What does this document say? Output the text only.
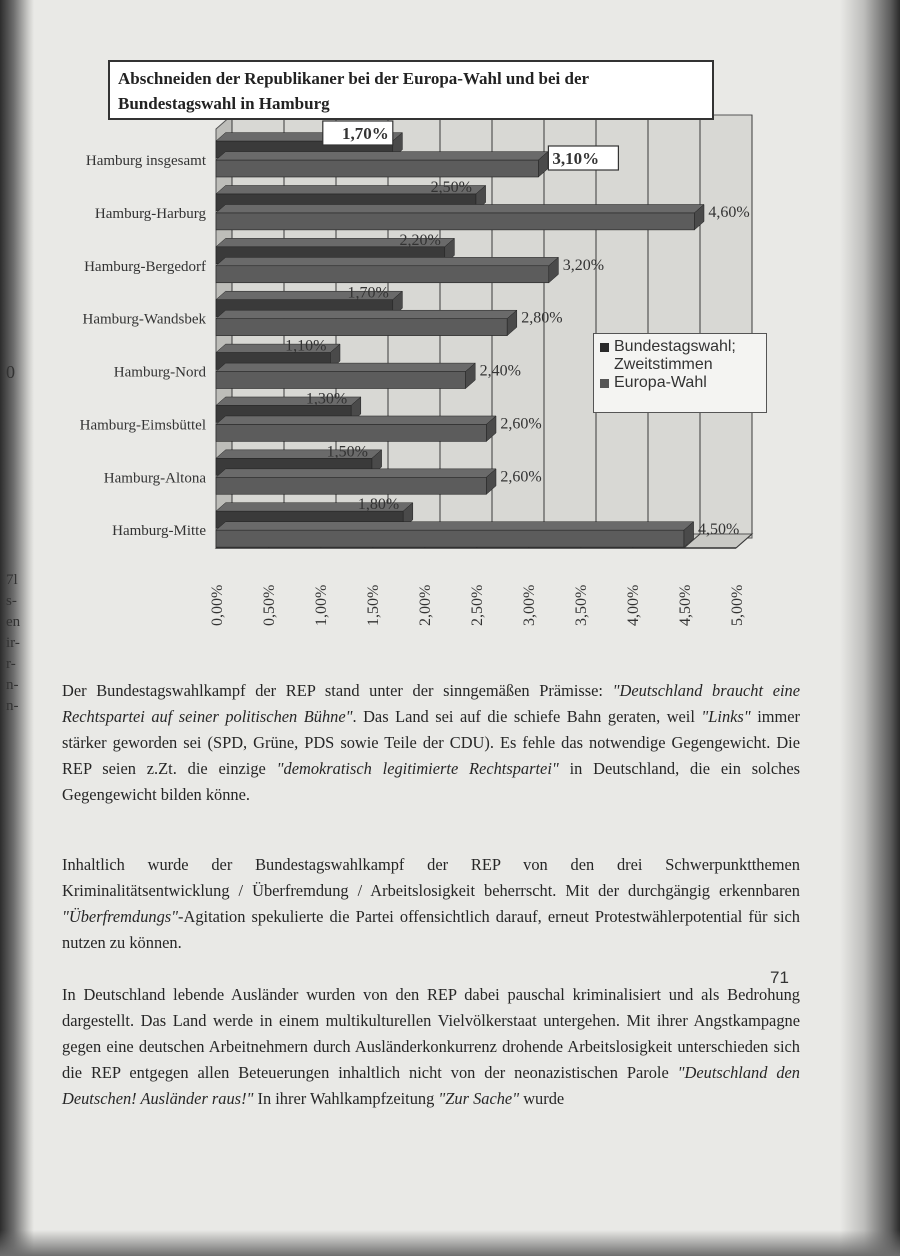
0
7l
s-
en
ir-
r-
n-
n-
0,00% 0,50% 1,00% 1,50% 2,00% 2,50% 3,00% 3,50% 4,00% 4,50% 5,00%
Hamburg insgesamt
1,70%
3,10%
Hamburg-Harburg
2,50%
4,60%
Hamburg-Bergedorf
2,20%
3,20%
Hamburg-Wandsbek
1,70%
2,80%
Hamburg-Nord
1,10%
2,40%
Hamburg-Eimsbüttel
1,30%
2,60%
Hamburg-Altona
1,50%
2,60%
Hamburg-Mitte
1,80%
4,50%
Abschneiden der Republikaner bei der Europa-Wahl und bei der Bundestagswahl in Hamburg
Bundestagswahl;
Zweitstimmen
Europa-Wahl

Der Bundestagswahlkampf der REP stand unter der sinngemäßen Prämisse: "Deutschland braucht eine Rechtspartei auf seiner politischen Bühne". Das Land sei auf die schiefe Bahn geraten, weil "Links" immer stärker geworden sei (SPD, Grüne, PDS sowie Teile der CDU). Es fehle das notwendige Gegengewicht. Die REP seien z.Zt. die einzige "demokratisch legitimierte Rechtspartei" in Deutschland, die ein solches Gegengewicht bilden könne.

Inhaltlich wurde der Bundestagswahlkampf der REP von den drei Schwerpunktthemen Kriminalitätsentwicklung / Überfremdung / Arbeitslosigkeit beherrscht. Mit der durchgängig erkennbaren "Überfremdungs"-Agitation spekulierte die Partei offensichtlich darauf, erneut Protestwählerpotential für sich nutzen zu können.

In Deutschland lebende Ausländer wurden von den REP dabei pauschal kriminalisiert und als Bedrohung dargestellt. Das Land werde in einem multikulturellen Vielvölkerstaat untergehen. Mit ihrer Angstkampagne gegen eine deutschen Arbeitnehmern durch Ausländerkonkurrenz drohende Arbeitslosigkeit unterschieden sich die REP entgegen allen Beteuerungen inhaltlich nicht von der neonazistischen Parole "Deutschland den Deutschen! Ausländer raus!" In ihrer Wahlkampfzeitung "Zur Sache" wurde

71
